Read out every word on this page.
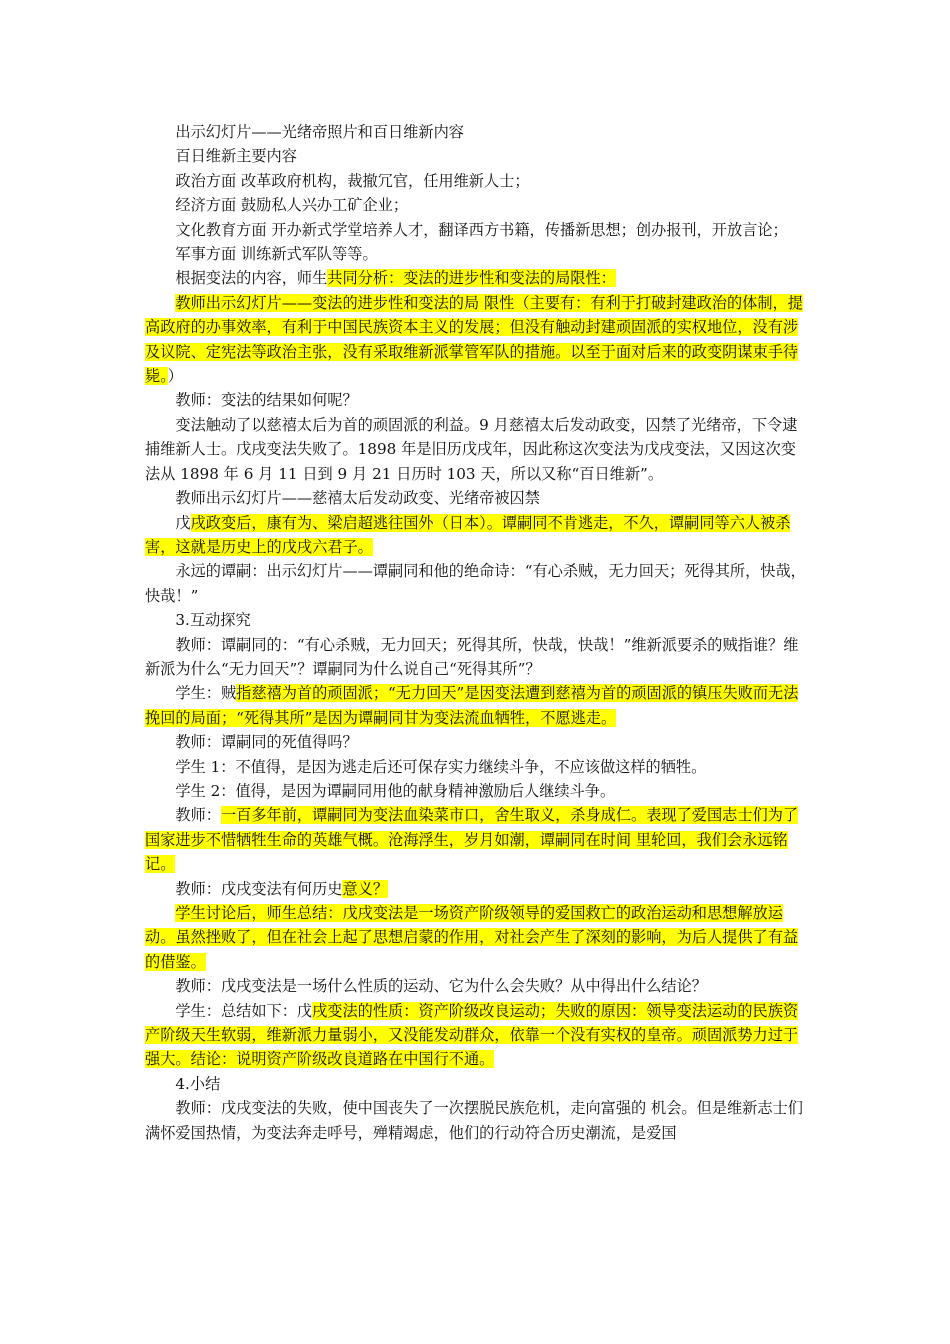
出示幻灯片——光绪帝照片和百日维新内容

百日维新主要内容

政治方面 改革政府机构，裁撤冗官，任用维新人士；

经济方面 鼓励私人兴办工矿企业；

文化教育方面 开办新式学堂培养人才，翻译西方书籍，传播新思想；创办报刊，开放言论；

军事方面 训练新式军队等等。

根据变法的内容，师生共同分析：变法的进步性和变法的局限性：

教师出示幻灯片——变法的进步性和变法的局 限性（主要有：有利于打破封建政治的体制，提高政府的办事效率，有利于中国民族资本主义的发展；但没有触动封建顽固派的实权地位，没有涉及议院、定宪法等政治主张，没有采取维新派掌管军队的措施。以至于面对后来的政变阴谋束手待毙。）

教师：变法的结果如何呢？

变法触动了以慈禧太后为首的顽固派的利益。9 月慈禧太后发动政变，囚禁了光绪帝，下令逮捕维新人士。戊戌变法失败了。1898 年是旧历戊戌年，因此称这次变法为戊戌变法，又因这次变法从 1898 年 6 月 11 日到 9 月 21 日历时 103 天，所以又称“百日维新”。

教师出示幻灯片——慈禧太后发动政变、光绪帝被囚禁

戊戌政变后，康有为、梁启超逃往国外（日本）。谭嗣同不肯逃走，不久，谭嗣同等六人被杀害，这就是历史上的戊戌六君子。

永远的谭嗣：出示幻灯片——谭嗣同和他的绝命诗：“有心杀贼，无力回天；死得其所，快哉，快哉！”

3.互动探究

教师：谭嗣同的：“有心杀贼，无力回天；死得其所，快哉，快哉！”维新派要杀的贼指谁？维新派为什么“无力回天”？谭嗣同为什么说自己“死得其所”？

学生：贼指慈禧为首的顽固派；“无力回天”是因变法遭到慈禧为首的顽固派的镇压失败而无法挽回的局面；“死得其所”是因为谭嗣同甘为变法流血牺牲，不愿逃走。

教师：谭嗣同的死值得吗？

学生 1：不值得，是因为逃走后还可保存实力继续斗争，不应该做这样的牺牲。

学生 2：值得，是因为谭嗣同用他的献身精神激励后人继续斗争。

教师：一百多年前，谭嗣同为变法血染菜市口，舍生取义，杀身成仁。表现了爱国志士们为了国家进步不惜牺牲生命的英雄气概。沧海浮生，岁月如潮，谭嗣同在时间 里轮回，我们会永远铭记。

教师：戊戌变法有何历史意义？

学生讨论后，师生总结：戊戌变法是一场资产阶级领导的爱国救亡的政治运动和思想解放运动。虽然挫败了，但在社会上起了思想启蒙的作用，对社会产生了深刻的影响，为后人提供了有益的借鉴。

教师：戊戌变法是一场什么性质的运动、它为什么会失败？从中得出什么结论？

学生：总结如下：戊戌变法的性质：资产阶级改良运动；失败的原因：领导变法运动的民族资产阶级天生软弱，维新派力量弱小，又没能发动群众，依靠一个没有实权的皇帝。顽固派势力过于强大。结论：说明资产阶级改良道路在中国行不通。

4.小结

教师：戊戌变法的失败，使中国丧失了一次摆脱民族危机，走向富强的 机会。但是维新志士们满怀爱国热情，为变法奔走呼号，殚精竭虑，他们的行动符合历史潮流，是爱国
